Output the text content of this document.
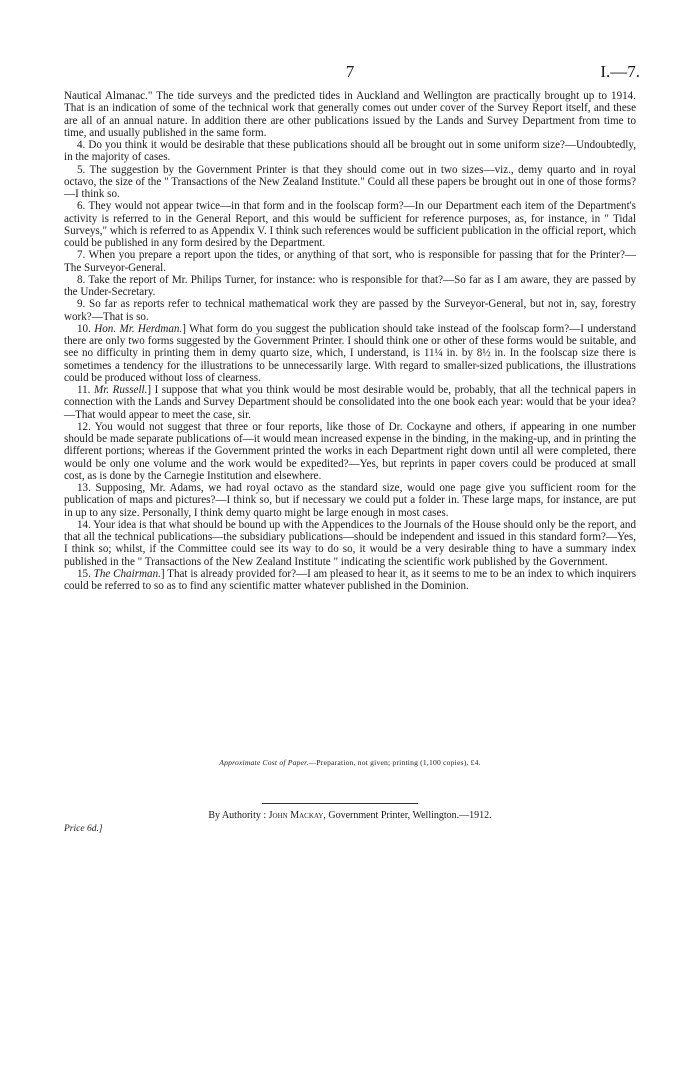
7	I.—7.

Nautical Almanac." The tide surveys and the predicted tides in Auckland and Wellington are practically brought up to 1914. That is an indication of some of the technical work that generally comes out under cover of the Survey Report itself, and these are all of an annual nature. In addition there are other publications issued by the Lands and Survey Department from time to time, and usually published in the same form.

4. Do you think it would be desirable that these publications should all be brought out in some uniform size?—Undoubtedly, in the majority of cases.

5. The suggestion by the Government Printer is that they should come out in two sizes—viz., demy quarto and in royal octavo, the size of the " Transactions of the New Zealand Institute." Could all these papers be brought out in one of those forms?—I think so.

6. They would not appear twice—in that form and in the foolscap form?—In our Department each item of the Department's activity is referred to in the General Report, and this would be sufficient for reference purposes, as, for instance, in " Tidal Surveys," which is referred to as Appendix V. I think such references would be sufficient publication in the official report, which could be published in any form desired by the Department.

7. When you prepare a report upon the tides, or anything of that sort, who is responsible for passing that for the Printer?—The Surveyor-General.

8. Take the report of Mr. Philips Turner, for instance: who is responsible for that?—So far as I am aware, they are passed by the Under-Secretary.

9. So far as reports refer to technical mathematical work they are passed by the Surveyor-General, but not in, say, forestry work?—That is so.

10. Hon. Mr. Herdman.] What form do you suggest the publication should take instead of the foolscap form?—I understand there are only two forms suggested by the Government Printer. I should think one or other of these forms would be suitable, and see no difficulty in printing them in demy quarto size, which, I understand, is 11¼ in. by 8½ in. In the foolscap size there is sometimes a tendency for the illustrations to be unnecessarily large. With regard to smaller-sized publications, the illustrations could be produced without loss of clearness.

11. Mr. Russell.] I suppose that what you think would be most desirable would be, probably, that all the technical papers in connection with the Lands and Survey Department should be consolidated into the one book each year: would that be your idea?—That would appear to meet the case, sir.

12. You would not suggest that three or four reports, like those of Dr. Cockayne and others, if appearing in one number should be made separate publications of—it would mean increased expense in the binding, in the making-up, and in printing the different portions; whereas if the Government printed the works in each Department right down until all were completed, there would be only one volume and the work would be expedited?—Yes, but reprints in paper covers could be produced at small cost, as is done by the Carnegie Institution and elsewhere.

13. Supposing, Mr. Adams, we had royal octavo as the standard size, would one page give you sufficient room for the publication of maps and pictures?—I think so, but if necessary we could put a folder in. These large maps, for instance, are put in up to any size. Personally, I think demy quarto might be large enough in most cases.

14. Your idea is that what should be bound up with the Appendices to the Journals of the House should only be the report, and that all the technical publications—the subsidiary publications—should be independent and issued in this standard form?—Yes, I think so; whilst, if the Committee could see its way to do so, it would be a very desirable thing to have a summary index published in the " Transactions of the New Zealand Institute " indicating the scientific work published by the Government.

15. The Chairman.] That is already provided for?—I am pleased to hear it, as it seems to me to be an index to which inquirers could be referred to so as to find any scientific matter whatever published in the Dominion.

Approximate Cost of Paper.—Preparation, not given; printing (1,100 copies), £4.
By Authority : John Mackay, Government Printer, Wellington.—1912.
Price 6d.]
